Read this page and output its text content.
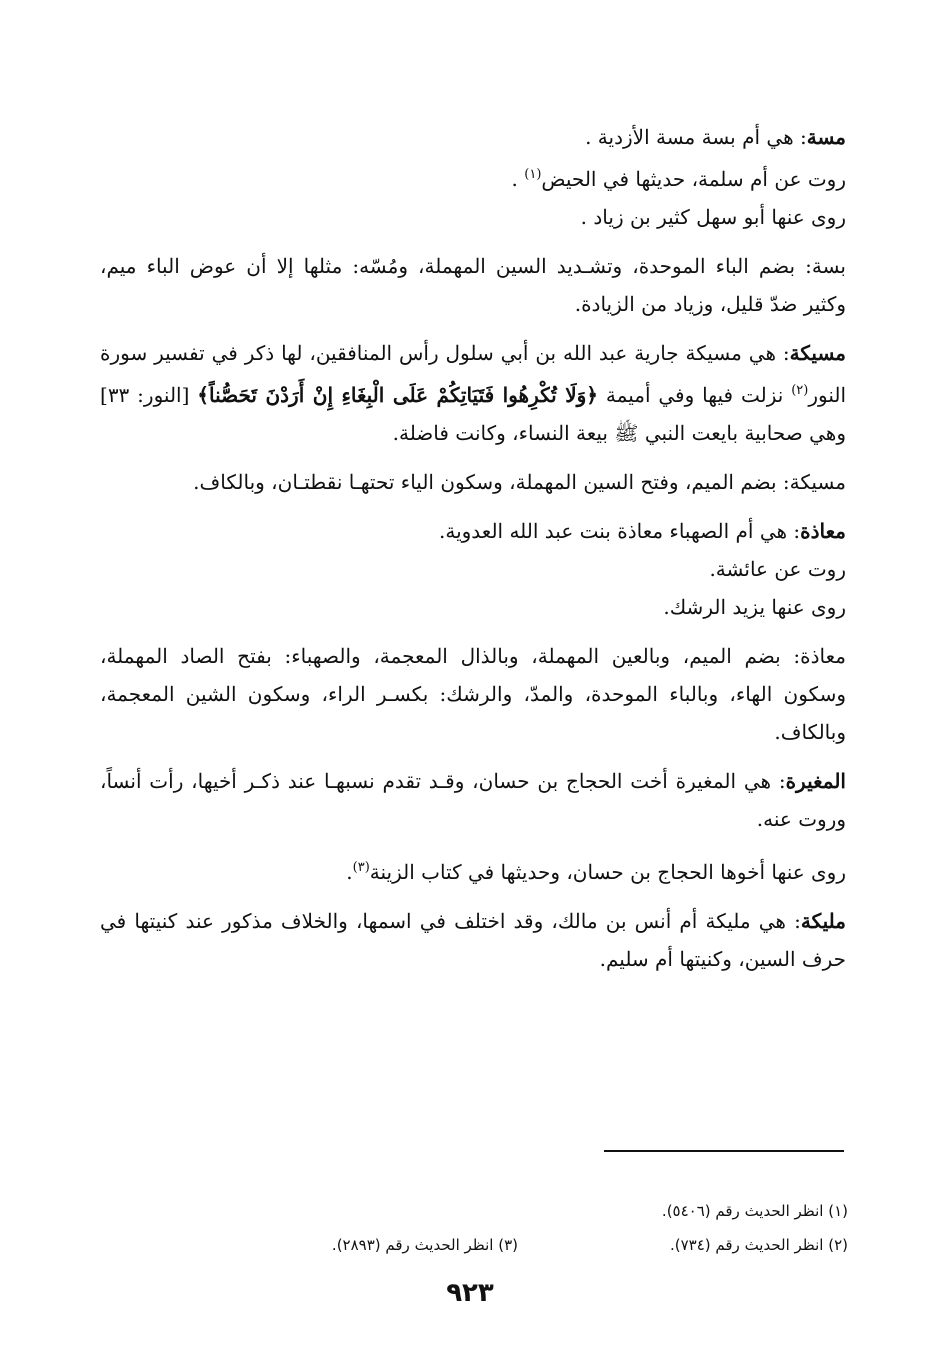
مسة: هي أم بسة مسة الأزدية .
روت عن أم سلمة، حديثها في الحيض$^{(١)}$ .
روى عنها أبو سهل كثير بن زياد .
بسة: بضم الباء الموحدة، وتشـديد السين المهملة، ومُسّه: مثلها إلا أن عوض الباء ميم، وكثير ضدّ قليل، وزياد من الزيادة.
مسيكة: هي مسيكة جارية عبد الله بن أبي سلول رأس المنافقين، لها ذكر في تفسير سورة النور$^{(٢)}$ نزلت فيها وفي أميمة ﴿وَلَا تُكْرِهُوا فَتَيَاتِكُمْ عَلَى الْبِغَاءِ إِنْ أَرَدْنَ تَحَصُّناً﴾ [النور: ٣٣] وهي صحابية بايعت النبي ﷺ بيعة النساء، وكانت فاضلة.
مسيكة: بضم الميم، وفتح السين المهملة، وسكون الياء تحتهـا نقطتـان، وبالكاف.
معاذة: هي أم الصهباء معاذة بنت عبد الله العدوية.
روت عن عائشة.
روى عنها يزيد الرشك.
معاذة: بضم الميم، وبالعين المهملة، وبالذال المعجمة، والصهباء: بفتح الصاد المهملة، وسكون الهاء، وبالباء الموحدة، والمدّ، والرشك: بكسـر الراء، وسكون الشين المعجمة، وبالكاف.
المغيرة: هي المغيرة أخت الحجاج بن حسان، وقـد تقدم نسبهـا عند ذكـر أخيها، رأت أنساً، وروت عنه.
روى عنها أخوها الحجاج بن حسان، وحديثها في كتاب الزينة$^{(٣)}$.
مليكة: هي مليكة أم أنس بن مالك، وقد اختلف في اسمها، والخلاف مذكور عند كنيتها في حرف السين، وكنيتها أم سليم.
(١) انظر الحديث رقم (٥٤٠٦).
(٢) انظر الحديث رقم (٧٣٤).
(٣) انظر الحديث رقم (٢٨٩٣).
٩٢٣
